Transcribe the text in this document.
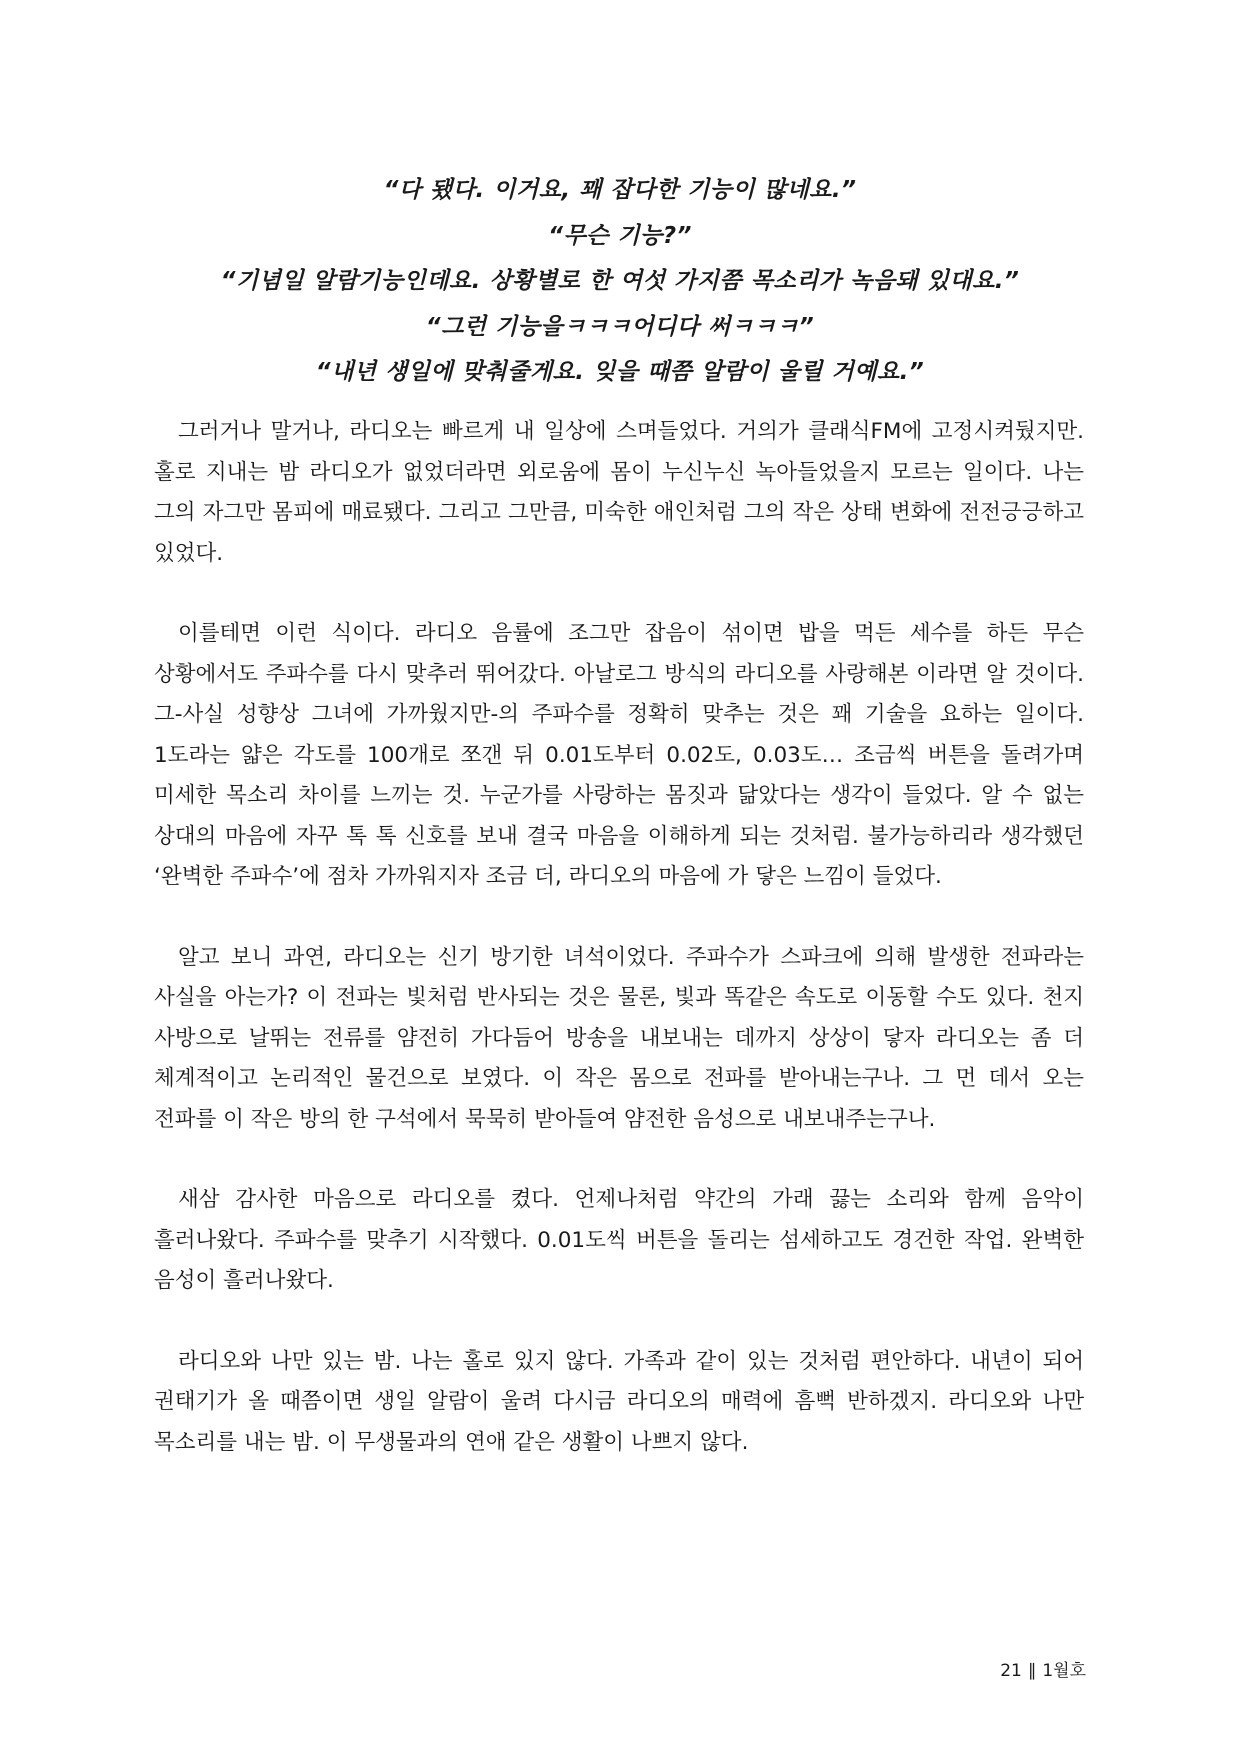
“다 됐다. 이거요, 꽤 잡다한 기능이 많네요.”
“무슨 기능?”
“기념일 알람기능인데요. 상황별로 한 여섯 가지쯤 목소리가 녹음돼 있대요.”
“그런 기능을ㅋㅋㅋ어디다 써ㅋㅋㅋ”
“내년 생일에 맞춰줄게요. 잊을 때쯤 알람이 울릴 거예요.”

그러거나 말거나, 라디오는 빠르게 내 일상에 스며들었다. 거의가 클래식FM에 고정시켜뒀지만. 홀로 지내는 밤 라디오가 없었더라면 외로움에 몸이 누신누신 녹아들었을지 모르는 일이다. 나는 그의 자그만 몸피에 매료됐다. 그리고 그만큼, 미숙한 애인처럼 그의 작은 상태 변화에 전전긍긍하고 있었다.

이를테면 이런 식이다. 라디오 음률에 조그만 잡음이 섞이면 밥을 먹든 세수를 하든 무슨 상황에서도 주파수를 다시 맞추러 뛰어갔다. 아날로그 방식의 라디오를 사랑해본 이라면 알 것이다. 그-사실 성향상 그녀에 가까웠지만-의 주파수를 정확히 맞추는 것은 꽤 기술을 요하는 일이다. 1도라는 얇은 각도를 100개로 쪼갠 뒤 0.01도부터 0.02도, 0.03도… 조금씩 버튼을 돌려가며 미세한 목소리 차이를 느끼는 것. 누군가를 사랑하는 몸짓과 닮았다는 생각이 들었다. 알 수 없는 상대의 마음에 자꾸 톡 톡 신호를 보내 결국 마음을 이해하게 되는 것처럼. 불가능하리라 생각했던 ‘완벽한 주파수’에 점차 가까워지자 조금 더, 라디오의 마음에 가 닿은 느낌이 들었다.

알고 보니 과연, 라디오는 신기 방기한 녀석이었다. 주파수가 스파크에 의해 발생한 전파라는 사실을 아는가? 이 전파는 빛처럼 반사되는 것은 물론, 빛과 똑같은 속도로 이동할 수도 있다. 천지 사방으로 날뛰는 전류를 얌전히 가다듬어 방송을 내보내는 데까지 상상이 닿자 라디오는 좀 더 체계적이고 논리적인 물건으로 보였다. 이 작은 몸으로 전파를 받아내는구나. 그 먼 데서 오는 전파를 이 작은 방의 한 구석에서 묵묵히 받아들여 얌전한 음성으로 내보내주는구나.

새삼 감사한 마음으로 라디오를 켰다. 언제나처럼 약간의 가래 끓는 소리와 함께 음악이 흘러나왔다. 주파수를 맞추기 시작했다. 0.01도씩 버튼을 돌리는 섬세하고도 경건한 작업. 완벽한 음성이 흘러나왔다.

라디오와 나만 있는 밤. 나는 홀로 있지 않다. 가족과 같이 있는 것처럼 편안하다. 내년이 되어 권태기가 올 때쯤이면 생일 알람이 울려 다시금 라디오의 매력에 흠뻑 반하겠지. 라디오와 나만 목소리를 내는 밤. 이 무생물과의 연애 같은 생활이 나쁘지 않다.

21 ∥ 1월호
